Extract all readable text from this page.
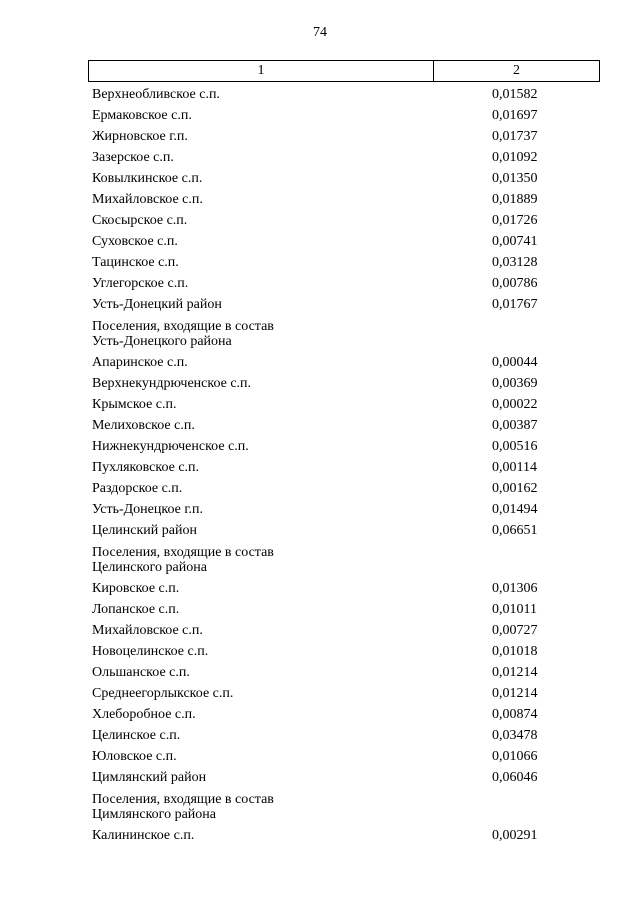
74
1	2
Верхнеобливское с.п.	0,01582
Ермаковское с.п.	0,01697
Жирновское г.п.	0,01737
Зазерское с.п.	0,01092
Ковылкинское с.п.	0,01350
Михайловское с.п.	0,01889
Скосырское с.п.	0,01726
Суховское с.п.	0,00741
Тацинское с.п.	0,03128
Углегорское с.п.	0,00786
Усть-Донецкий район	0,01767
Поселения, входящие в состав
Усть-Донецкого района
Апаринское с.п.	0,00044
Верхнекундрюченское с.п.	0,00369
Крымское с.п.	0,00022
Мелиховское с.п.	0,00387
Нижнекундрюченское с.п.	0,00516
Пухляковское с.п.	0,00114
Раздорское с.п.	0,00162
Усть-Донецкое г.п.	0,01494
Целинский район	0,06651
Поселения, входящие в состав
Целинского района
Кировское с.п.	0,01306
Лопанское с.п.	0,01011
Михайловское с.п.	0,00727
Новоцелинское с.п.	0,01018
Ольшанское с.п.	0,01214
Среднеегорлыкское с.п.	0,01214
Хлеборобное с.п.	0,00874
Целинское с.п.	0,03478
Юловское с.п.	0,01066
Цимлянский район	0,06046
Поселения, входящие в состав
Цимлянского района
Калининское с.п.	0,00291
